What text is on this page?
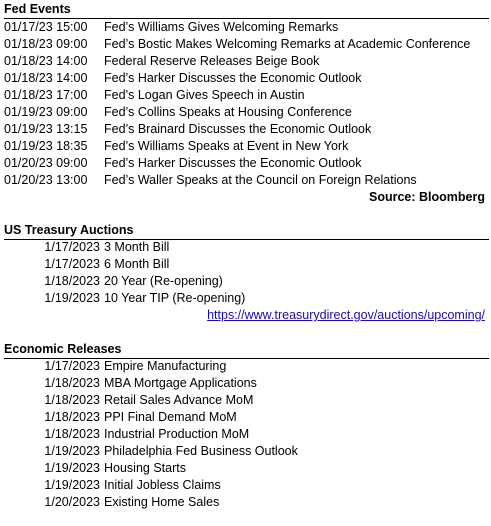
Fed Events
01/17/23 15:00 Fed’s Williams Gives Welcoming Remarks
01/18/23 09:00 Fed’s Bostic Makes Welcoming Remarks at Academic Conference
01/18/23 14:00 Federal Reserve Releases Beige Book
01/18/23 14:00 Fed’s Harker Discusses the Economic Outlook
01/18/23 17:00 Fed’s Logan Gives Speech in Austin
01/19/23 09:00 Fed’s Collins Speaks at Housing Conference
01/19/23 13:15 Fed’s Brainard Discusses the Economic Outlook
01/19/23 18:35 Fed’s Williams Speaks at Event in New York
01/20/23 09:00 Fed’s Harker Discusses the Economic Outlook
01/20/23 13:00 Fed’s Waller Speaks at the Council on Foreign Relations
Source: Bloomberg
US Treasury Auctions
1/17/2023 3 Month Bill
1/17/2023 6 Month Bill
1/18/2023 20 Year (Re-opening)
1/19/2023 10 Year TIP (Re-opening)
https://www.treasurydirect.gov/auctions/upcoming/
Economic Releases
1/17/2023 Empire Manufacturing
1/18/2023 MBA Mortgage Applications
1/18/2023 Retail Sales Advance MoM
1/18/2023 PPI Final Demand MoM
1/18/2023 Industrial Production MoM
1/19/2023 Philadelphia Fed Business Outlook
1/19/2023 Housing Starts
1/19/2023 Initial Jobless Claims
1/20/2023 Existing Home Sales
